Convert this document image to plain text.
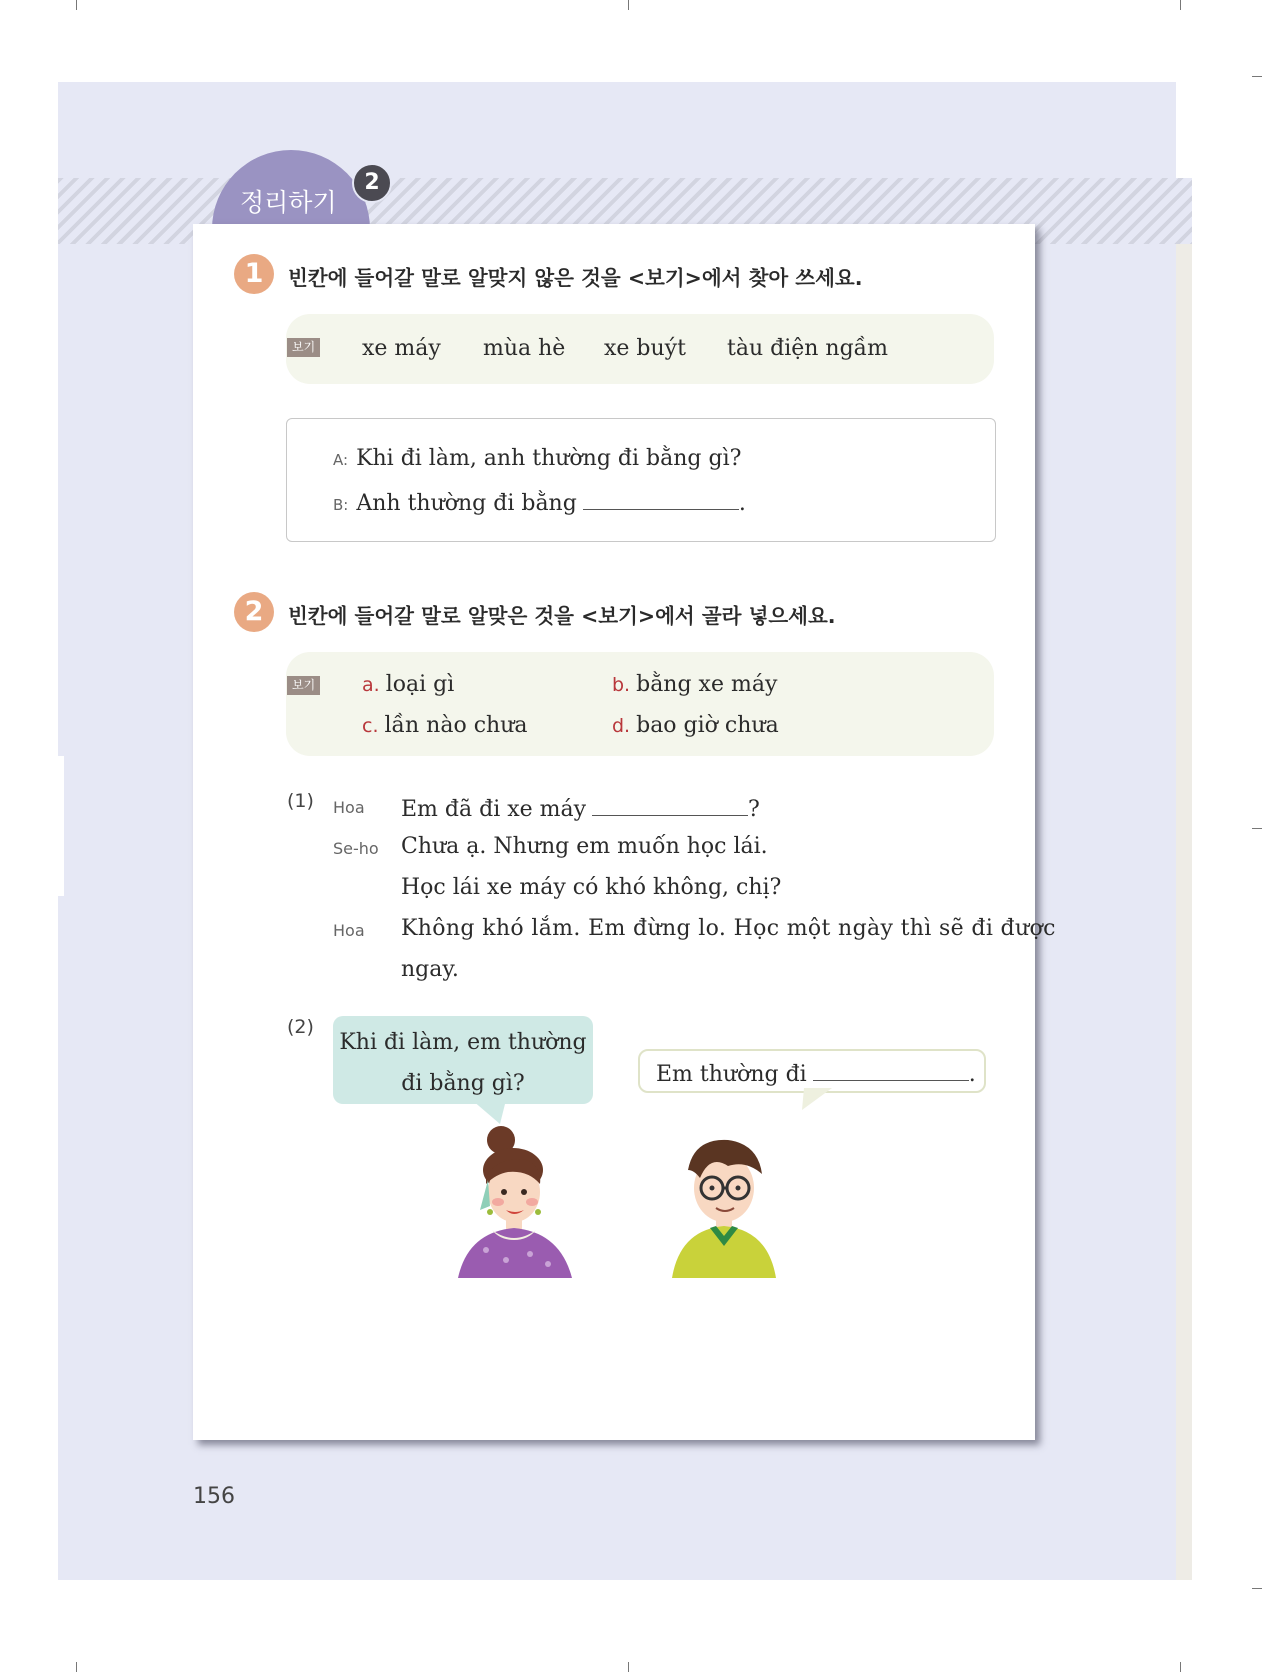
정리하기
2
1	빈칸에 들어갈 말로 알맞지 않은 것을 <보기>에서 찾아 쓰세요.
보기 xe máy mùa hè xe buýt tàu điện ngầm
A: Khi đi làm, anh thường đi bằng gì?
B: Anh thường đi bằng	.
2	빈칸에 들어갈 말로 알맞은 것을 <보기>에서 골라 넣으세요.
보기 a. loại gì	b. bằng xe máy
c. lần nào chưa	d. bao giờ chưa
(1) Hoa Em đã đi xe máy	?
Se-ho Chưa ạ. Nhưng em muốn học lái.
Học lái xe máy có khó không, chị?
Hoa Không khó lắm. Em đừng lo. Học một ngày thì sẽ đi được
ngay.
(2)
Khi đi làm, em thường
đi bằng gì?	Em thường đi	.
156
